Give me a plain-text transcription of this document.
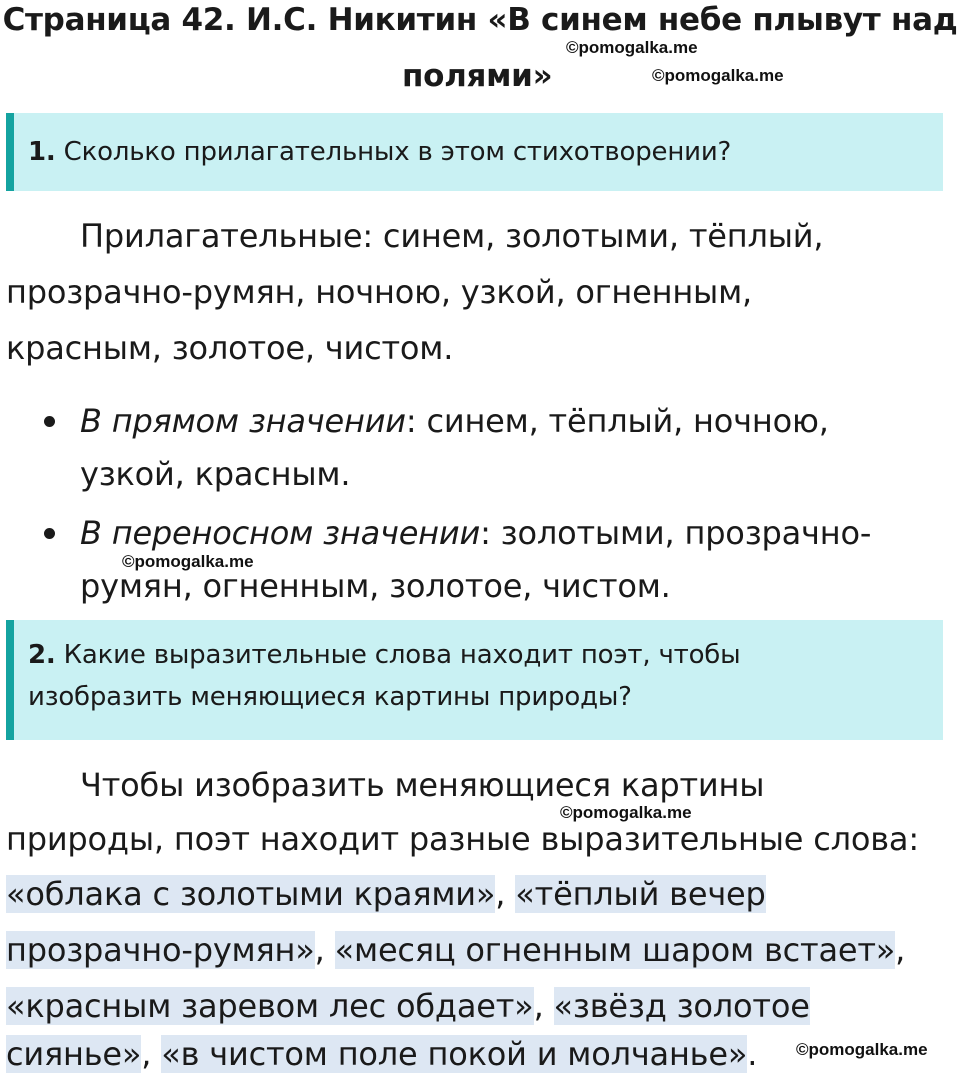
Страница 42. И.С. Никитин «В синем небе плывут над
полями»
©pomogalka.me
©pomogalka.me
©pomogalka.me
©pomogalka.me
©pomogalka.me
1. Сколько прилагательных в этом стихотворении?
Прилагательные: синем, золотыми, тёплый,
прозрачно-румян, ночною, узкой, огненным,
красным, золотое, чистом.
В прямом значении: синем, тёплый, ночною,
узкой, красным.
В переносном значении: золотыми, прозрачно-
румян, огненным, золотое, чистом.
2. Какие выразительные слова находит поэт, чтобы
изобразить меняющиеся картины природы?
Чтобы изобразить меняющиеся картины
природы, поэт находит разные выразительные слова:
«облака с золотыми краями», «тёплый вечер
прозрачно-румян», «месяц огненным шаром встает»,
«красным заревом лес обдает», «звёзд золотое
сиянье», «в чистом поле покой и молчанье».
